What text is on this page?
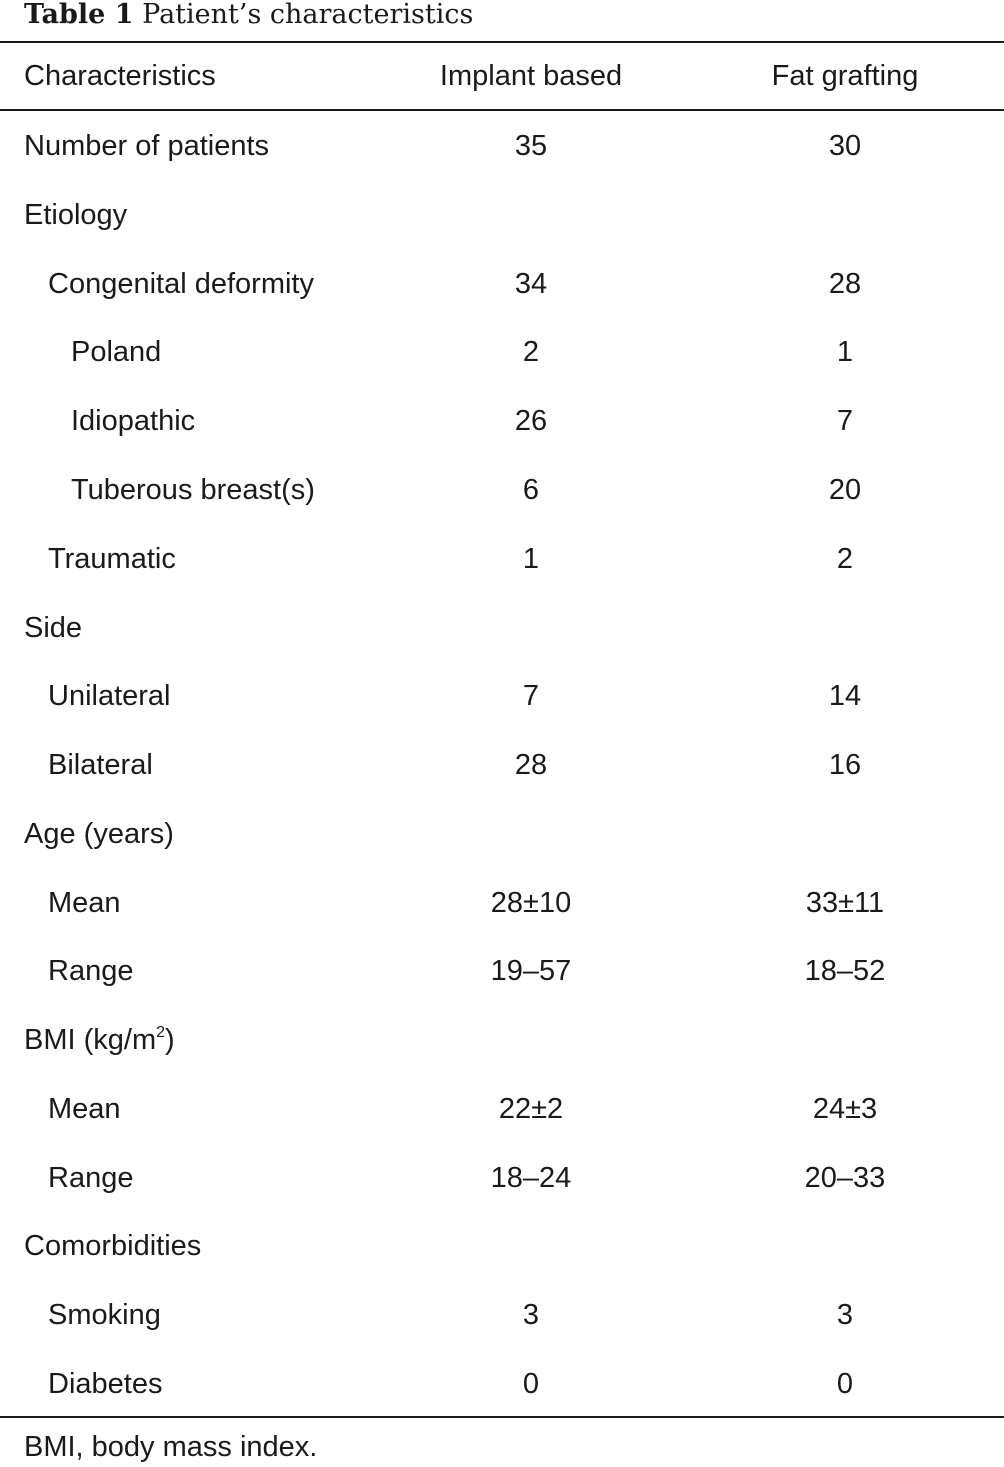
Table 1 Patient’s characteristics
Characteristics	Implant based	Fat grafting
Number of patients	35	30
Etiology
Congenital deformity	34	28
Poland	2	1
Idiopathic	26	7
Tuberous breast(s)	6	20
Traumatic	1	2
Side
Unilateral	7	14
Bilateral	28	16
Age (years)
Mean	28±10	33±11
Range	19–57	18–52
BMI $(kg/m^2)$
Mean	22±2	24±3
Range	18–24	20–33
Comorbidities
Smoking	3	3
Diabetes	0	0
BMI, body mass index.
